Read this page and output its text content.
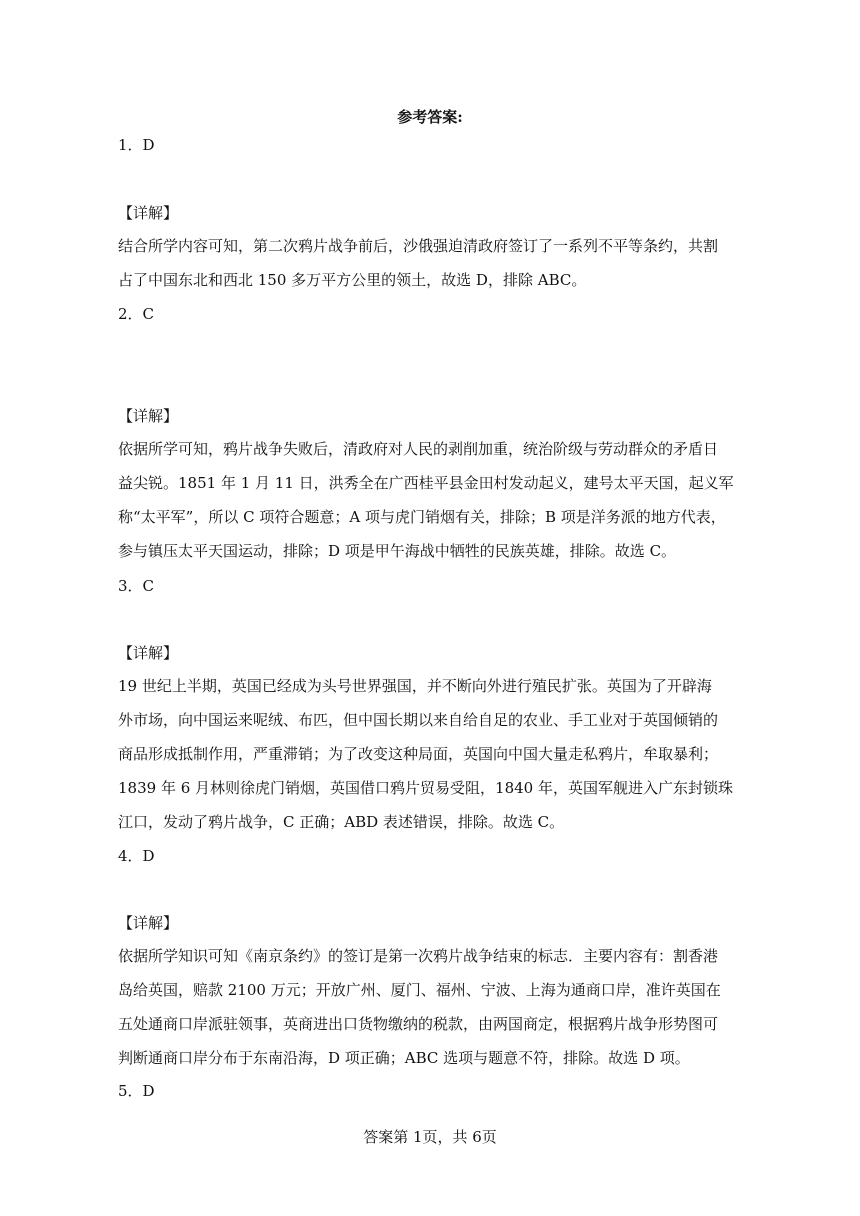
参考答案:
1．D
【详解】
结合所学内容可知，第二次鸦片战争前后，沙俄强迫清政府签订了一系列不平等条约，共割
占了中国东北和西北 150 多万平方公里的领土，故选 D，排除 ABC。
2．C
【详解】
依据所学可知，鸦片战争失败后，清政府对人民的剥削加重，统治阶级与劳动群众的矛盾日
益尖锐。1851 年 1 月 11 日，洪秀全在广西桂平县金田村发动起义，建号太平天国，起义军
称“太平军”，所以 C 项符合题意；A 项与虎门销烟有关，排除；B 项是洋务派的地方代表，
参与镇压太平天国运动，排除；D 项是甲午海战中牺牲的民族英雄，排除。故选 C。
3．C
【详解】
19 世纪上半期，英国已经成为头号世界强国，并不断向外进行殖民扩张。英国为了开辟海
外市场，向中国运来呢绒、布匹，但中国长期以来自给自足的农业、手工业对于英国倾销的
商品形成抵制作用，严重滞销；为了改变这种局面，英国向中国大量走私鸦片，牟取暴利；
1839 年 6 月林则徐虎门销烟，英国借口鸦片贸易受阻，1840 年，英国军舰进入广东封锁珠
江口，发动了鸦片战争，C 正确；ABD 表述错误，排除。故选 C。
4．D
【详解】
依据所学知识可知《南京条约》的签订是第一次鸦片战争结束的标志．主要内容有：割香港
岛给英国，赔款 2100 万元；开放广州、厦门、福州、宁波、上海为通商口岸，准许英国在
五处通商口岸派驻领事，英商进出口货物缴纳的税款，由两国商定，根据鸦片战争形势图可
判断通商口岸分布于东南沿海，D 项正确；ABC 选项与题意不符，排除。故选 D 项。
5．D
答案第 1页，共 6页
